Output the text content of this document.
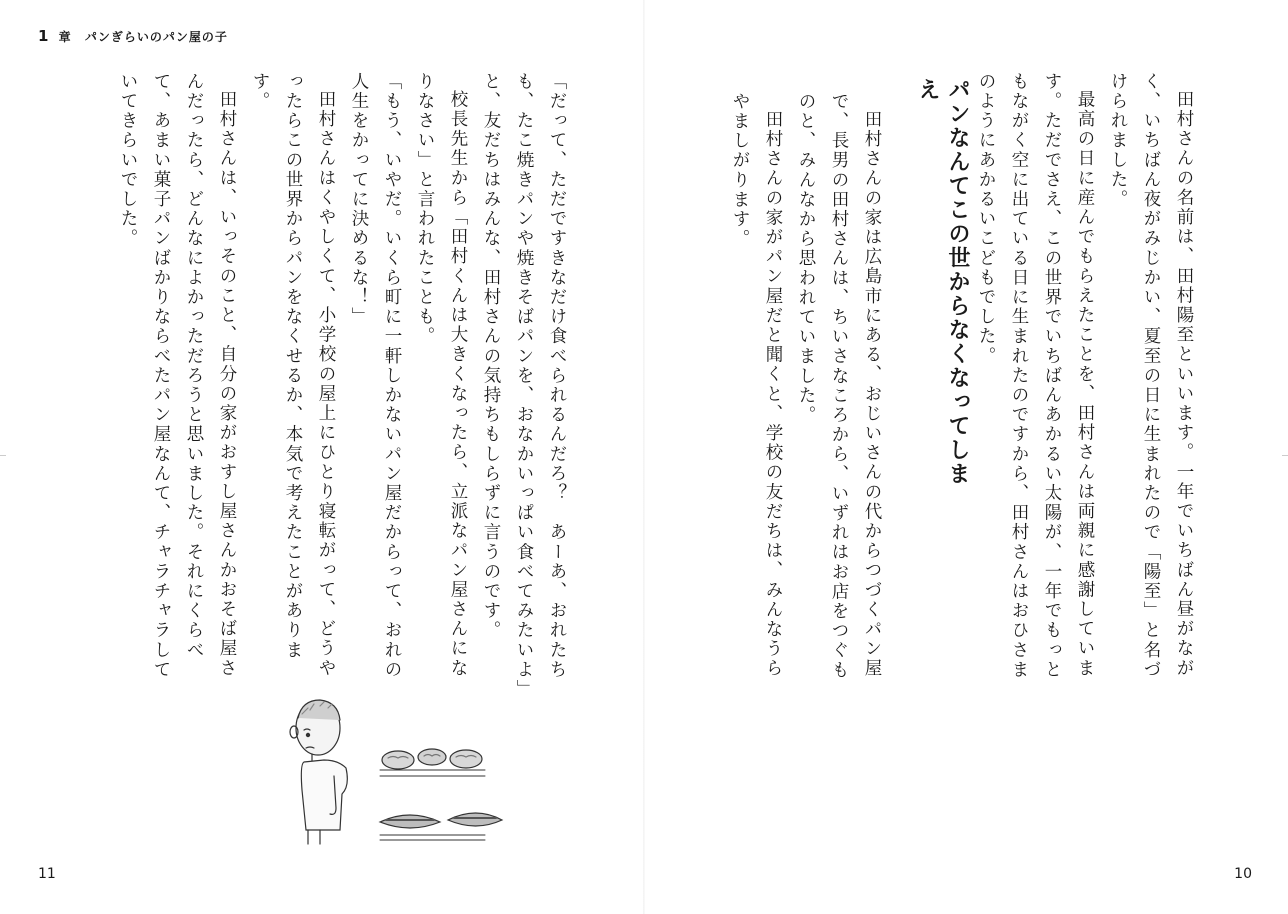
1 章 パンぎらいのパン屋の子

田村さんの名前は、田村陽至といいます。一年でいちばん昼がながく、いちばん夜がみじかい、夏至の日に生まれたので「陽至」と名づけられました。

最高の日に産んでもらえたことを、田村さんは両親に感謝しています。ただでさえ、この世界でいちばんあかるい太陽が、一年でもっともながく空に出ている日に生まれたのですから、田村さんはおひさまのようにあかるいこどもでした。

パンなんてこの世からなくなってしまえ

田村さんの家は広島市にある、おじいさんの代からつづくパン屋で、長男の田村さんは、ちいさなころから、いずれはお店をつぐものと、みんなから思われていました。

田村さんの家がパン屋だと聞くと、学校の友だちは、みんなうらやましがります。

「だって、ただですきなだけ食べられるんだろ？　あーあ、おれたちも、たこ焼きパンや焼きそばパンを、おなかいっぱい食べてみたいよ」と、友だちはみんな、田村さんの気持ちもしらずに言うのです。

校長先生から「田村くんは大きくなったら、立派なパン屋さんになりなさい」と言われたことも。

「もう、いやだ。いくら町に一軒しかないパン屋だからって、おれの人生をかってに決めるな！」

田村さんはくやしくて、小学校の屋上にひとり寝転がって、どうやったらこの世界からパンをなくせるか、本気で考えたことがあります。

田村さんは、いっそのこと、自分の家がおすし屋さんかおそば屋さんだったら、どんなによかっただろうと思いました。それにくらべて、あまい菓子パンばかりならべたパン屋なんて、チャラチャラしていてきらいでした。

11	10
